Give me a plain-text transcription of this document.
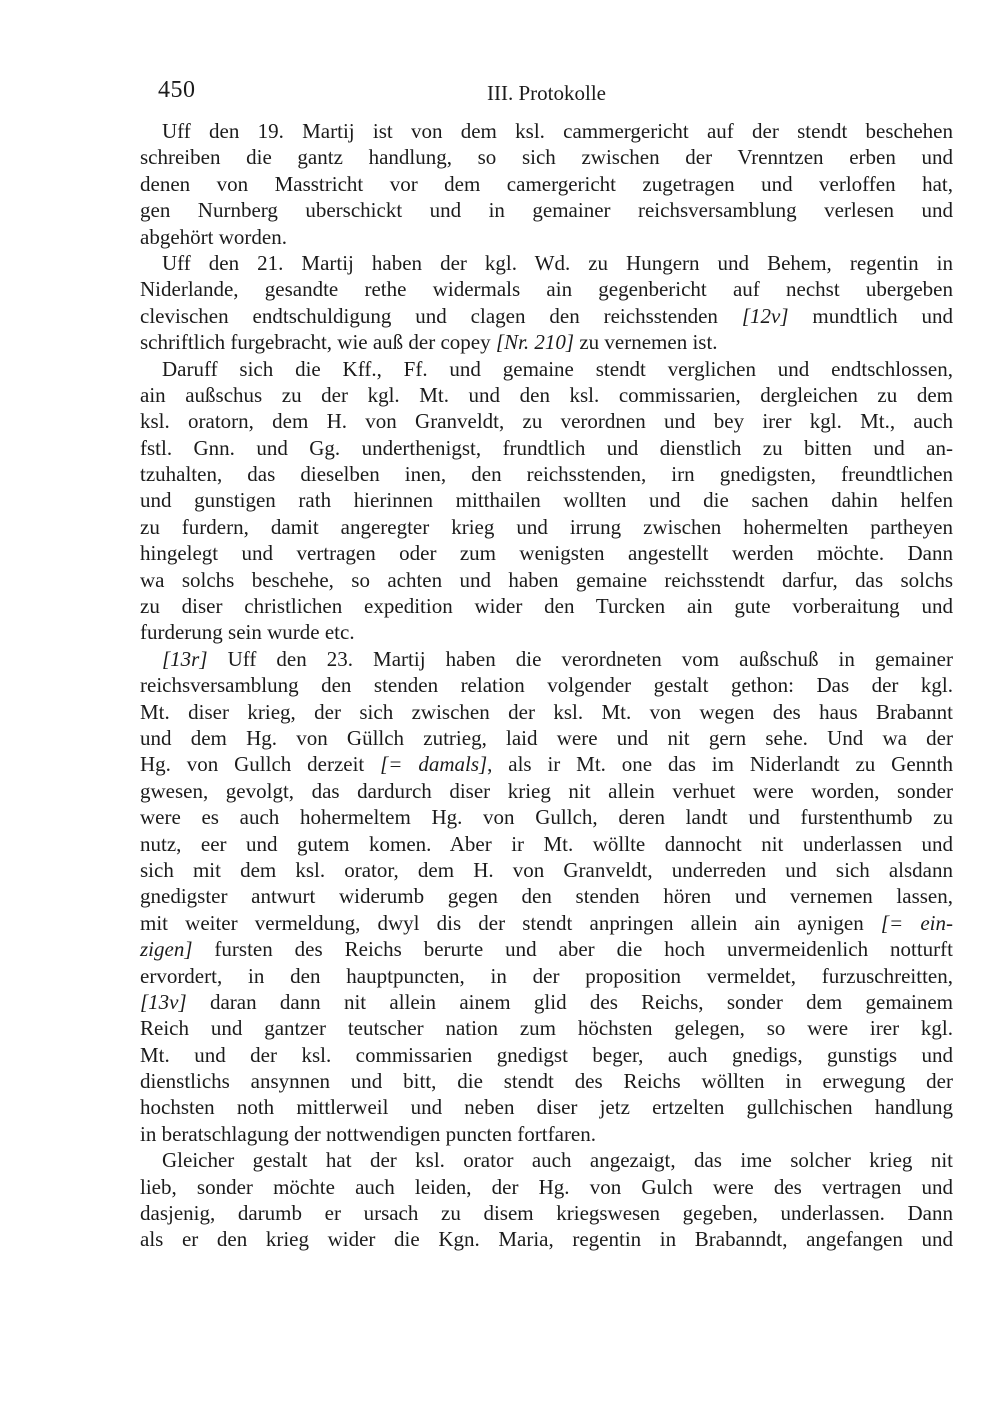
450	III. Protokolle
Uff den 19. Martij ist von dem ksl. cammergericht auf der stendt beschehen
schreiben die gantz handlung, so sich zwischen der Vrenntzen erben und
denen von Masstricht vor dem camergericht zugetragen und verloffen hat,
gen Nurnberg uberschickt und in gemainer reichsversamblung verlesen und
abgehört worden.
Uff den 21. Martij haben der kgl. Wd. zu Hungern und Behem, regentin in
Niderlande, gesandte rethe widermals ain gegenbericht auf nechst ubergeben
clevischen endtschuldigung und clagen den reichsstenden [12v] mundtlich und
schriftlich furgebracht, wie auß der copey [Nr. 210] zu vernemen ist.
Daruff sich die Kff., Ff. und gemaine stendt verglichen und endtschlossen,
ain außschus zu der kgl. Mt. und den ksl. commissarien, dergleichen zu dem
ksl. oratorn, dem H. von Granveldt, zu verordnen und bey irer kgl. Mt., auch
fstl. Gnn. und Gg. underthenigst, frundtlich und dienstlich zu bitten und an-
tzuhalten, das dieselben inen, den reichsstenden, irn gnedigsten, freundtlichen
und gunstigen rath hierinnen mitthailen wollten und die sachen dahin helfen
zu furdern, damit angeregter krieg und irrung zwischen hohermelten partheyen
hingelegt und vertragen oder zum wenigsten angestellt werden möchte. Dann
wa solchs beschehe, so achten und haben gemaine reichsstendt darfur, das solchs
zu diser christlichen expedition wider den Turcken ain gute vorberaitung und
furderung sein wurde etc.
[13r] Uff den 23. Martij haben die verordneten vom außschuß in gemainer
reichsversamblung den stenden relation volgender gestalt gethon: Das der kgl.
Mt. diser krieg, der sich zwischen der ksl. Mt. von wegen des haus Brabannt
und dem Hg. von Güllch zutrieg, laid were und nit gern sehe. Und wa der
Hg. von Gullch derzeit [= damals], als ir Mt. one das im Niderlandt zu Gennth
gwesen, gevolgt, das dardurch diser krieg nit allein verhuet were worden, sonder
were es auch hohermeltem Hg. von Gullch, deren landt und furstenthumb zu
nutz, eer und gutem komen. Aber ir Mt. wöllte dannocht nit underlassen und
sich mit dem ksl. orator, dem H. von Granveldt, underreden und sich alsdann
gnedigster antwurt widerumb gegen den stenden hören und vernemen lassen,
mit weiter vermeldung, dwyl dis der stendt anpringen allein ain aynigen [= ein-
zigen] fursten des Reichs berurte und aber die hoch unvermeidenlich notturft
ervordert, in den hauptpuncten, in der proposition vermeldet, furzuschreitten,
[13v] daran dann nit allein ainem glid des Reichs, sonder dem gemainem
Reich und gantzer teutscher nation zum höchsten gelegen, so were irer kgl.
Mt. und der ksl. commissarien gnedigst beger, auch gnedigs, gunstigs und
dienstlichs ansynnen und bitt, die stendt des Reichs wöllten in erwegung der
hochsten noth mittlerweil und neben diser jetz ertzelten gullchischen handlung
in beratschlagung der nottwendigen puncten fortfaren.
Gleicher gestalt hat der ksl. orator auch angezaigt, das ime solcher krieg nit
lieb, sonder möchte auch leiden, der Hg. von Gulch were des vertragen und
dasjenig, darumb er ursach zu disem kriegswesen gegeben, underlassen. Dann
als er den krieg wider die Kgn. Maria, regentin in Brabanndt, angefangen und
